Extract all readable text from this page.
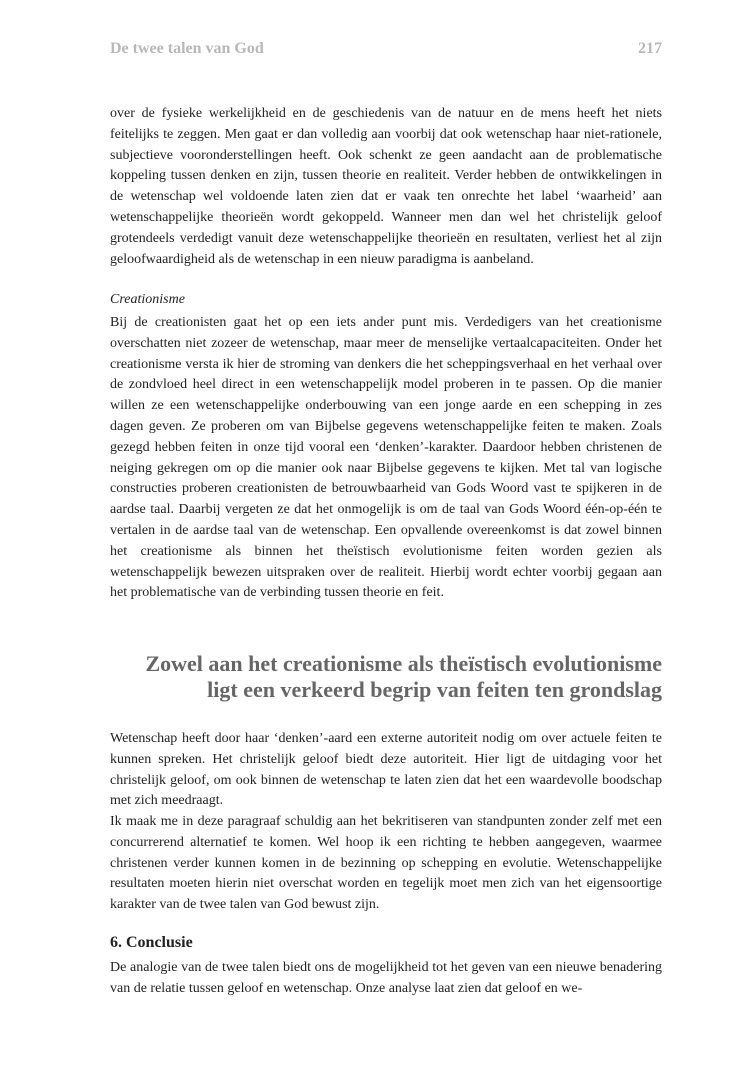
De twee talen van God	217

over de fysieke werkelijkheid en de geschiedenis van de natuur en de mens heeft het niets feitelijks te zeggen. Men gaat er dan volledig aan voorbij dat ook wetenschap haar niet-rationele, subjectieve vooronderstellingen heeft. Ook schenkt ze geen aandacht aan de problematische koppeling tussen denken en zijn, tussen theorie en realiteit. Verder hebben de ontwikkelingen in de wetenschap wel voldoende laten zien dat er vaak ten onrechte het label ‘waarheid’ aan wetenschappelijke theorieën wordt gekoppeld. Wanneer men dan wel het christelijk geloof grotendeels verdedigt vanuit deze wetenschappelijke theorieën en resultaten, verliest het al zijn geloofwaardigheid als de wetenschap in een nieuw paradigma is aanbeland.

Creationisme

Bij de creationisten gaat het op een iets ander punt mis. Verdedigers van het creationisme overschatten niet zozeer de wetenschap, maar meer de menselijke vertaalcapaciteiten. Onder het creationisme versta ik hier de stroming van denkers die het scheppingsverhaal en het verhaal over de zondvloed heel direct in een wetenschappelijk model proberen in te passen. Op die manier willen ze een wetenschappelijke onderbouwing van een jonge aarde en een schepping in zes dagen geven. Ze proberen om van Bijbelse gegevens wetenschappelijke feiten te maken. Zoals gezegd hebben feiten in onze tijd vooral een ‘denken’-karakter. Daardoor hebben christenen de neiging gekregen om op die manier ook naar Bijbelse gegevens te kijken. Met tal van logische constructies proberen creationisten de betrouwbaarheid van Gods Woord vast te spijkeren in de aardse taal. Daarbij vergeten ze dat het onmogelijk is om de taal van Gods Woord één-op-één te vertalen in de aardse taal van de wetenschap. Een opvallende overeenkomst is dat zowel binnen het creationisme als binnen het theïstisch evolutionisme feiten worden gezien als wetenschappelijk bewezen uitspraken over de realiteit. Hierbij wordt echter voorbij gegaan aan het problematische van de verbinding tussen theorie en feit.

Zowel aan het creationisme als theïstisch evolutionisme
ligt een verkeerd begrip van feiten ten grondslag

Wetenschap heeft door haar ‘denken’-aard een externe autoriteit nodig om over actuele feiten te kunnen spreken. Het christelijk geloof biedt deze autoriteit. Hier ligt de uitdaging voor het christelijk geloof, om ook binnen de wetenschap te laten zien dat het een waardevolle boodschap met zich meedraagt.

Ik maak me in deze paragraaf schuldig aan het bekritiseren van standpunten zonder zelf met een concurrerend alternatief te komen. Wel hoop ik een richting te hebben aangegeven, waarmee christenen verder kunnen komen in de bezinning op schepping en evolutie. Wetenschappelijke resultaten moeten hierin niet overschat worden en tegelijk moet men zich van het eigensoortige karakter van de twee talen van God bewust zijn.

6. Conclusie

De analogie van de twee talen biedt ons de mogelijkheid tot het geven van een nieuwe benadering van de relatie tussen geloof en wetenschap. Onze analyse laat zien dat geloof en we-
